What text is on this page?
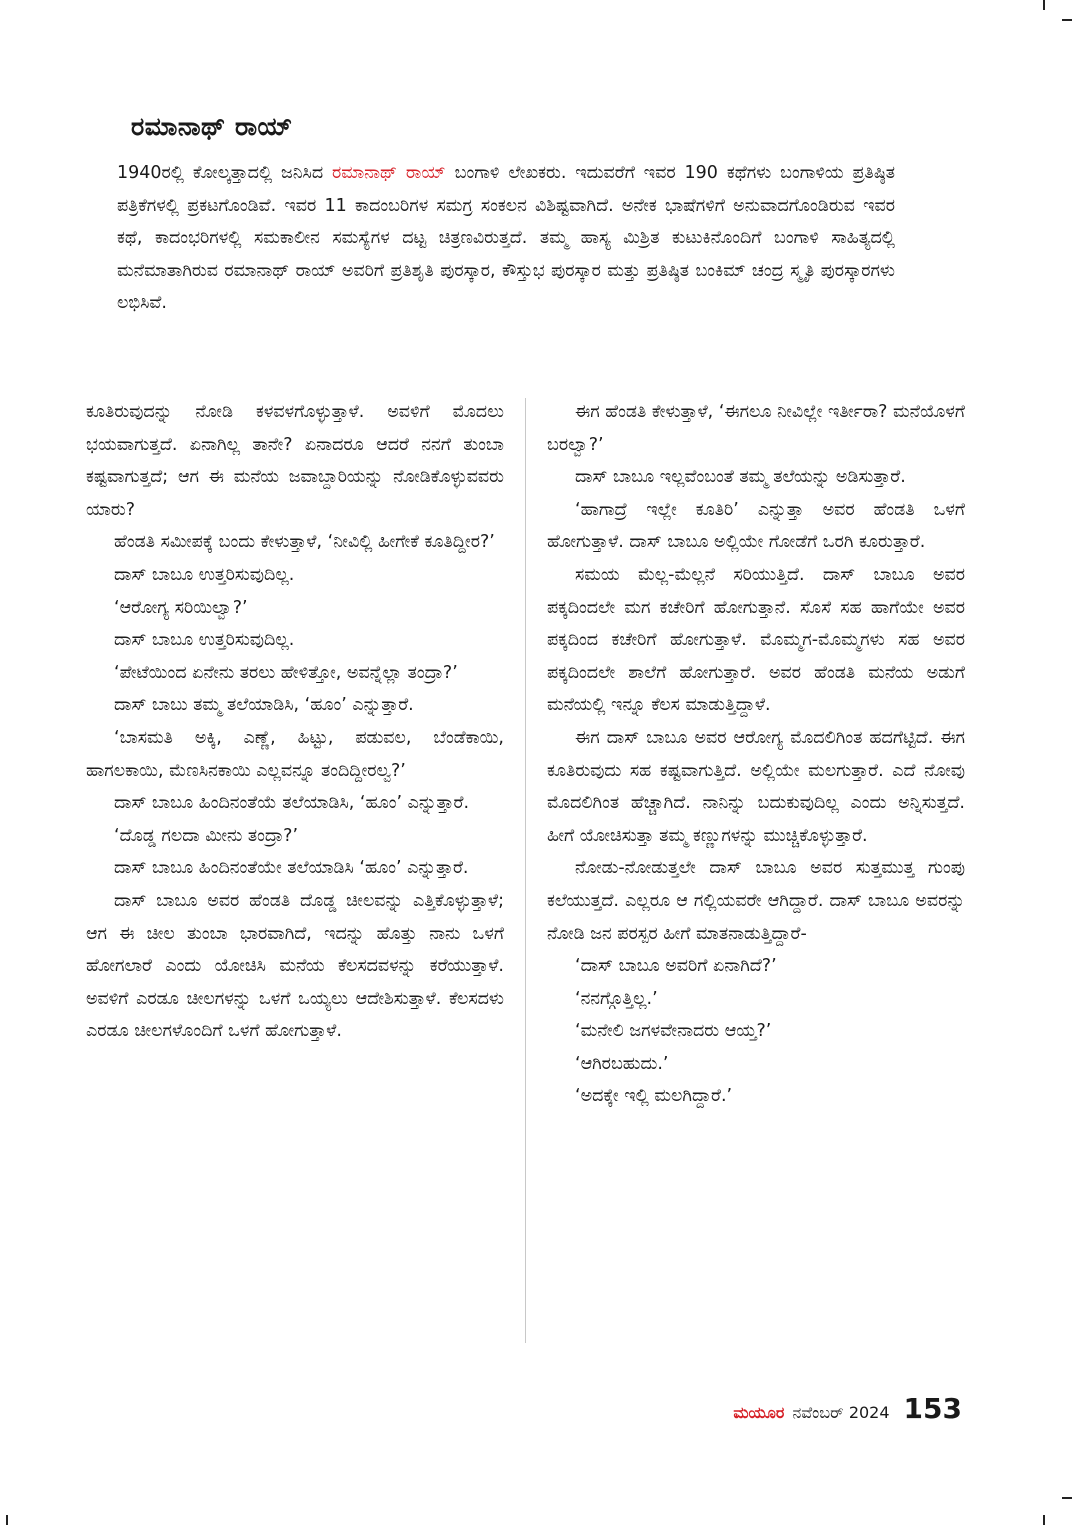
ರಮಾನಾಥ್ ರಾಯ್

1940ರಲ್ಲಿ ಕೋಲ್ಕತ್ತಾದಲ್ಲಿ ಜನಿಸಿದ ರಮಾನಾಥ್ ರಾಯ್ ಬಂಗಾಳಿ ಲೇಖಕರು. ಇದುವರೆಗೆ ಇವರ 190 ಕಥೆಗಳು ಬಂಗಾಳಿಯ ಪ್ರತಿಷ್ಠಿತ ಪತ್ರಿಕೆಗಳಲ್ಲಿ ಪ್ರಕಟಗೊಂಡಿವೆ. ಇವರ 11 ಕಾದಂಬರಿಗಳ ಸಮಗ್ರ ಸಂಕಲನ ವಿಶಿಷ್ಟವಾಗಿದೆ. ಅನೇಕ ಭಾಷೆಗಳಿಗೆ ಅನುವಾದಗೊಂಡಿರುವ ಇವರ ಕಥೆ, ಕಾದಂಭರಿಗಳಲ್ಲಿ ಸಮಕಾಲೀನ ಸಮಸ್ಯೆಗಳ ದಟ್ಟ ಚಿತ್ರಣವಿರುತ್ತದೆ. ತಮ್ಮ ಹಾಸ್ಯ ಮಿಶ್ರಿತ ಕುಟುಕಿನೊಂದಿಗೆ ಬಂಗಾಳಿ ಸಾಹಿತ್ಯದಲ್ಲಿ ಮನೆಮಾತಾಗಿರುವ ರಮಾನಾಥ್ ರಾಯ್ ಅವರಿಗೆ ಪ್ರತಿಶೃತಿ ಪುರಸ್ಕಾರ, ಕೌಸ್ತುಭ ಪುರಸ್ಕಾರ ಮತ್ತು ಪ್ರತಿಷ್ಠಿತ ಬಂಕಿಮ್ ಚಂದ್ರ ಸ್ಮೃತಿ ಪುರಸ್ಕಾರಗಳು ಲಭಿಸಿವೆ.

ಕೂತಿರುವುದನ್ನು ನೋಡಿ ಕಳವಳಗೊಳ್ಳುತ್ತಾಳೆ. ಅವಳಿಗೆ ಮೊದಲು ಭಯವಾಗುತ್ತದೆ. ಏನಾಗಿಲ್ಲ ತಾನೇ? ಏನಾದರೂ ಆದರೆ ನನಗೆ ತುಂಬಾ ಕಷ್ಟವಾಗುತ್ತದೆ; ಆಗ ಈ ಮನೆಯ ಜವಾಬ್ದಾರಿಯನ್ನು ನೋಡಿಕೊಳ್ಳುವವರು ಯಾರು?

ಹೆಂಡತಿ ಸಮೀಪಕ್ಕೆ ಬಂದು ಕೇಳುತ್ತಾಳೆ, ‘ನೀವಿಲ್ಲಿ ಹೀಗೇಕೆ ಕೂತಿದ್ದೀರ?’

ದಾಸ್ ಬಾಬೂ ಉತ್ತರಿಸುವುದಿಲ್ಲ.

‘ಆರೋಗ್ಯ ಸರಿಯಿಲ್ವಾ?’

ದಾಸ್ ಬಾಬೂ ಉತ್ತರಿಸುವುದಿಲ್ಲ.

‘ಪೇಟೆಯಿಂದ ಏನೇನು ತರಲು ಹೇಳಿತ್ತೋ, ಅವನ್ನೆಲ್ಲಾ ತಂದ್ರಾ?’

ದಾಸ್ ಬಾಬು ತಮ್ಮ ತಲೆಯಾಡಿಸಿ, ‘ಹೂಂ’ ಎನ್ನುತ್ತಾರೆ.

‘ಬಾಸಮತಿ ಅಕ್ಕಿ, ಎಣ್ಣೆ, ಹಿಟ್ಟು, ಪಡುವಲ, ಬೆಂಡೆಕಾಯಿ, ಹಾಗಲಕಾಯಿ, ಮೆಣಸಿನಕಾಯಿ ಎಲ್ಲವನ್ನೂ ತಂದಿದ್ದೀರಲ್ವ?’

ದಾಸ್ ಬಾಬೂ ಹಿಂದಿನಂತೆಯೆ ತಲೆಯಾಡಿಸಿ, ‘ಹೂಂ’ ಎನ್ನುತ್ತಾರೆ.

‘ದೊಡ್ಡ ಗಲದಾ ಮೀನು ತಂದ್ರಾ?’

ದಾಸ್ ಬಾಬೂ ಹಿಂದಿನಂತೆಯೇ ತಲೆಯಾಡಿಸಿ ‘ಹೂಂ’ ಎನ್ನುತ್ತಾರೆ.

ದಾಸ್ ಬಾಬೂ ಅವರ ಹೆಂಡತಿ ದೊಡ್ಡ ಚೀಲವನ್ನು ಎತ್ತಿಕೊಳ್ಳುತ್ತಾಳೆ; ಆಗ ಈ ಚೀಲ ತುಂಬಾ ಭಾರವಾಗಿದೆ, ಇದನ್ನು ಹೊತ್ತು ನಾನು ಒಳಗೆ ಹೋಗಲಾರೆ ಎಂದು ಯೋಚಿಸಿ ಮನೆಯ ಕೆಲಸದವಳನ್ನು ಕರೆಯುತ್ತಾಳೆ. ಅವಳಿಗೆ ಎರಡೂ ಚೀಲಗಳನ್ನು ಒಳಗೆ ಒಯ್ಯಲು ಆದೇಶಿಸುತ್ತಾಳೆ. ಕೆಲಸದಳು ಎರಡೂ ಚೀಲಗಳೊಂದಿಗೆ ಒಳಗೆ ಹೋಗುತ್ತಾಳೆ.

ಈಗ ಹೆಂಡತಿ ಕೇಳುತ್ತಾಳೆ, ‘ಈಗಲೂ ನೀವಿಲ್ಲೇ ಇರ್ತೀರಾ? ಮನೆಯೊಳಗೆ ಬರಲ್ವಾ?’

ದಾಸ್ ಬಾಬೂ ಇಲ್ಲವೆಂಬಂತೆ ತಮ್ಮ ತಲೆಯನ್ನು ಅಡಿಸುತ್ತಾರೆ.

‘ಹಾಗಾದ್ರೆ ಇಲ್ಲೇ ಕೂತಿರಿ’ ಎನ್ನುತ್ತಾ ಅವರ ಹೆಂಡತಿ ಒಳಗೆ ಹೋಗುತ್ತಾಳೆ. ದಾಸ್ ಬಾಬೂ ಅಲ್ಲಿಯೇ ಗೋಡೆಗೆ ಒರಗಿ ಕೂರುತ್ತಾರೆ.

ಸಮಯ ಮೆಲ್ಲ-ಮೆಲ್ಲನೆ ಸರಿಯುತ್ತಿದೆ. ದಾಸ್ ಬಾಬೂ ಅವರ ಪಕ್ಕದಿಂದಲೇ ಮಗ ಕಚೇರಿಗೆ ಹೋಗುತ್ತಾನೆ. ಸೊಸೆ ಸಹ ಹಾಗೆಯೇ ಅವರ ಪಕ್ಕದಿಂದ ಕಚೇರಿಗೆ ಹೋಗುತ್ತಾಳೆ. ಮೊಮ್ಮಗ-ಮೊಮ್ಮಗಳು ಸಹ ಅವರ ಪಕ್ಕದಿಂದಲೇ ಶಾಲೆಗೆ ಹೋಗುತ್ತಾರೆ. ಅವರ ಹೆಂಡತಿ ಮನೆಯ ಅಡುಗೆ ಮನೆಯಲ್ಲಿ ಇನ್ನೂ ಕೆಲಸ ಮಾಡುತ್ತಿದ್ದಾಳೆ.

ಈಗ ದಾಸ್ ಬಾಬೂ ಅವರ ಆರೋಗ್ಯ ಮೊದಲಿಗಿಂತ ಹದಗೆಟ್ಟಿದೆ. ಈಗ ಕೂತಿರುವುದು ಸಹ ಕಷ್ಟವಾಗುತ್ತಿದೆ. ಅಲ್ಲಿಯೇ ಮಲಗುತ್ತಾರೆ. ಎದೆ ನೋವು ಮೊದಲಿಗಿಂತ ಹೆಚ್ಚಾಗಿದೆ. ನಾನಿನ್ನು ಬದುಕುವುದಿಲ್ಲ ಎಂದು ಅನ್ನಿಸುತ್ತದೆ. ಹೀಗೆ ಯೋಚಿಸುತ್ತಾ ತಮ್ಮ ಕಣ್ಣುಗಳನ್ನು ಮುಚ್ಚಿಕೊಳ್ಳುತ್ತಾರೆ.

ನೋಡು-ನೋಡುತ್ತಲೇ ದಾಸ್ ಬಾಬೂ ಅವರ ಸುತ್ತಮುತ್ತ ಗುಂಪು ಕಲೆಯುತ್ತದೆ. ಎಲ್ಲರೂ ಆ ಗಲ್ಲಿಯವರೇ ಆಗಿದ್ದಾರೆ. ದಾಸ್ ಬಾಬೂ ಅವರನ್ನು ನೋಡಿ ಜನ ಪರಸ್ಪರ ಹೀಗೆ ಮಾತನಾಡುತ್ತಿದ್ದಾರೆ-

‘ದಾಸ್ ಬಾಬೂ ಅವರಿಗೆ ಏನಾಗಿದೆ?’

‘ನನಗ್ಗೊತ್ತಿಲ್ಲ.’

‘ಮನೇಲಿ ಜಗಳವೇನಾದರು ಆಯ್ತ?’

‘ಆಗಿರಬಹುದು.’

‘ಅದಕ್ಕೇ ಇಲ್ಲಿ ಮಲಗಿದ್ದಾರೆ.’

ಮಯೂರ ನವೆಂಬರ್ 2024 153
